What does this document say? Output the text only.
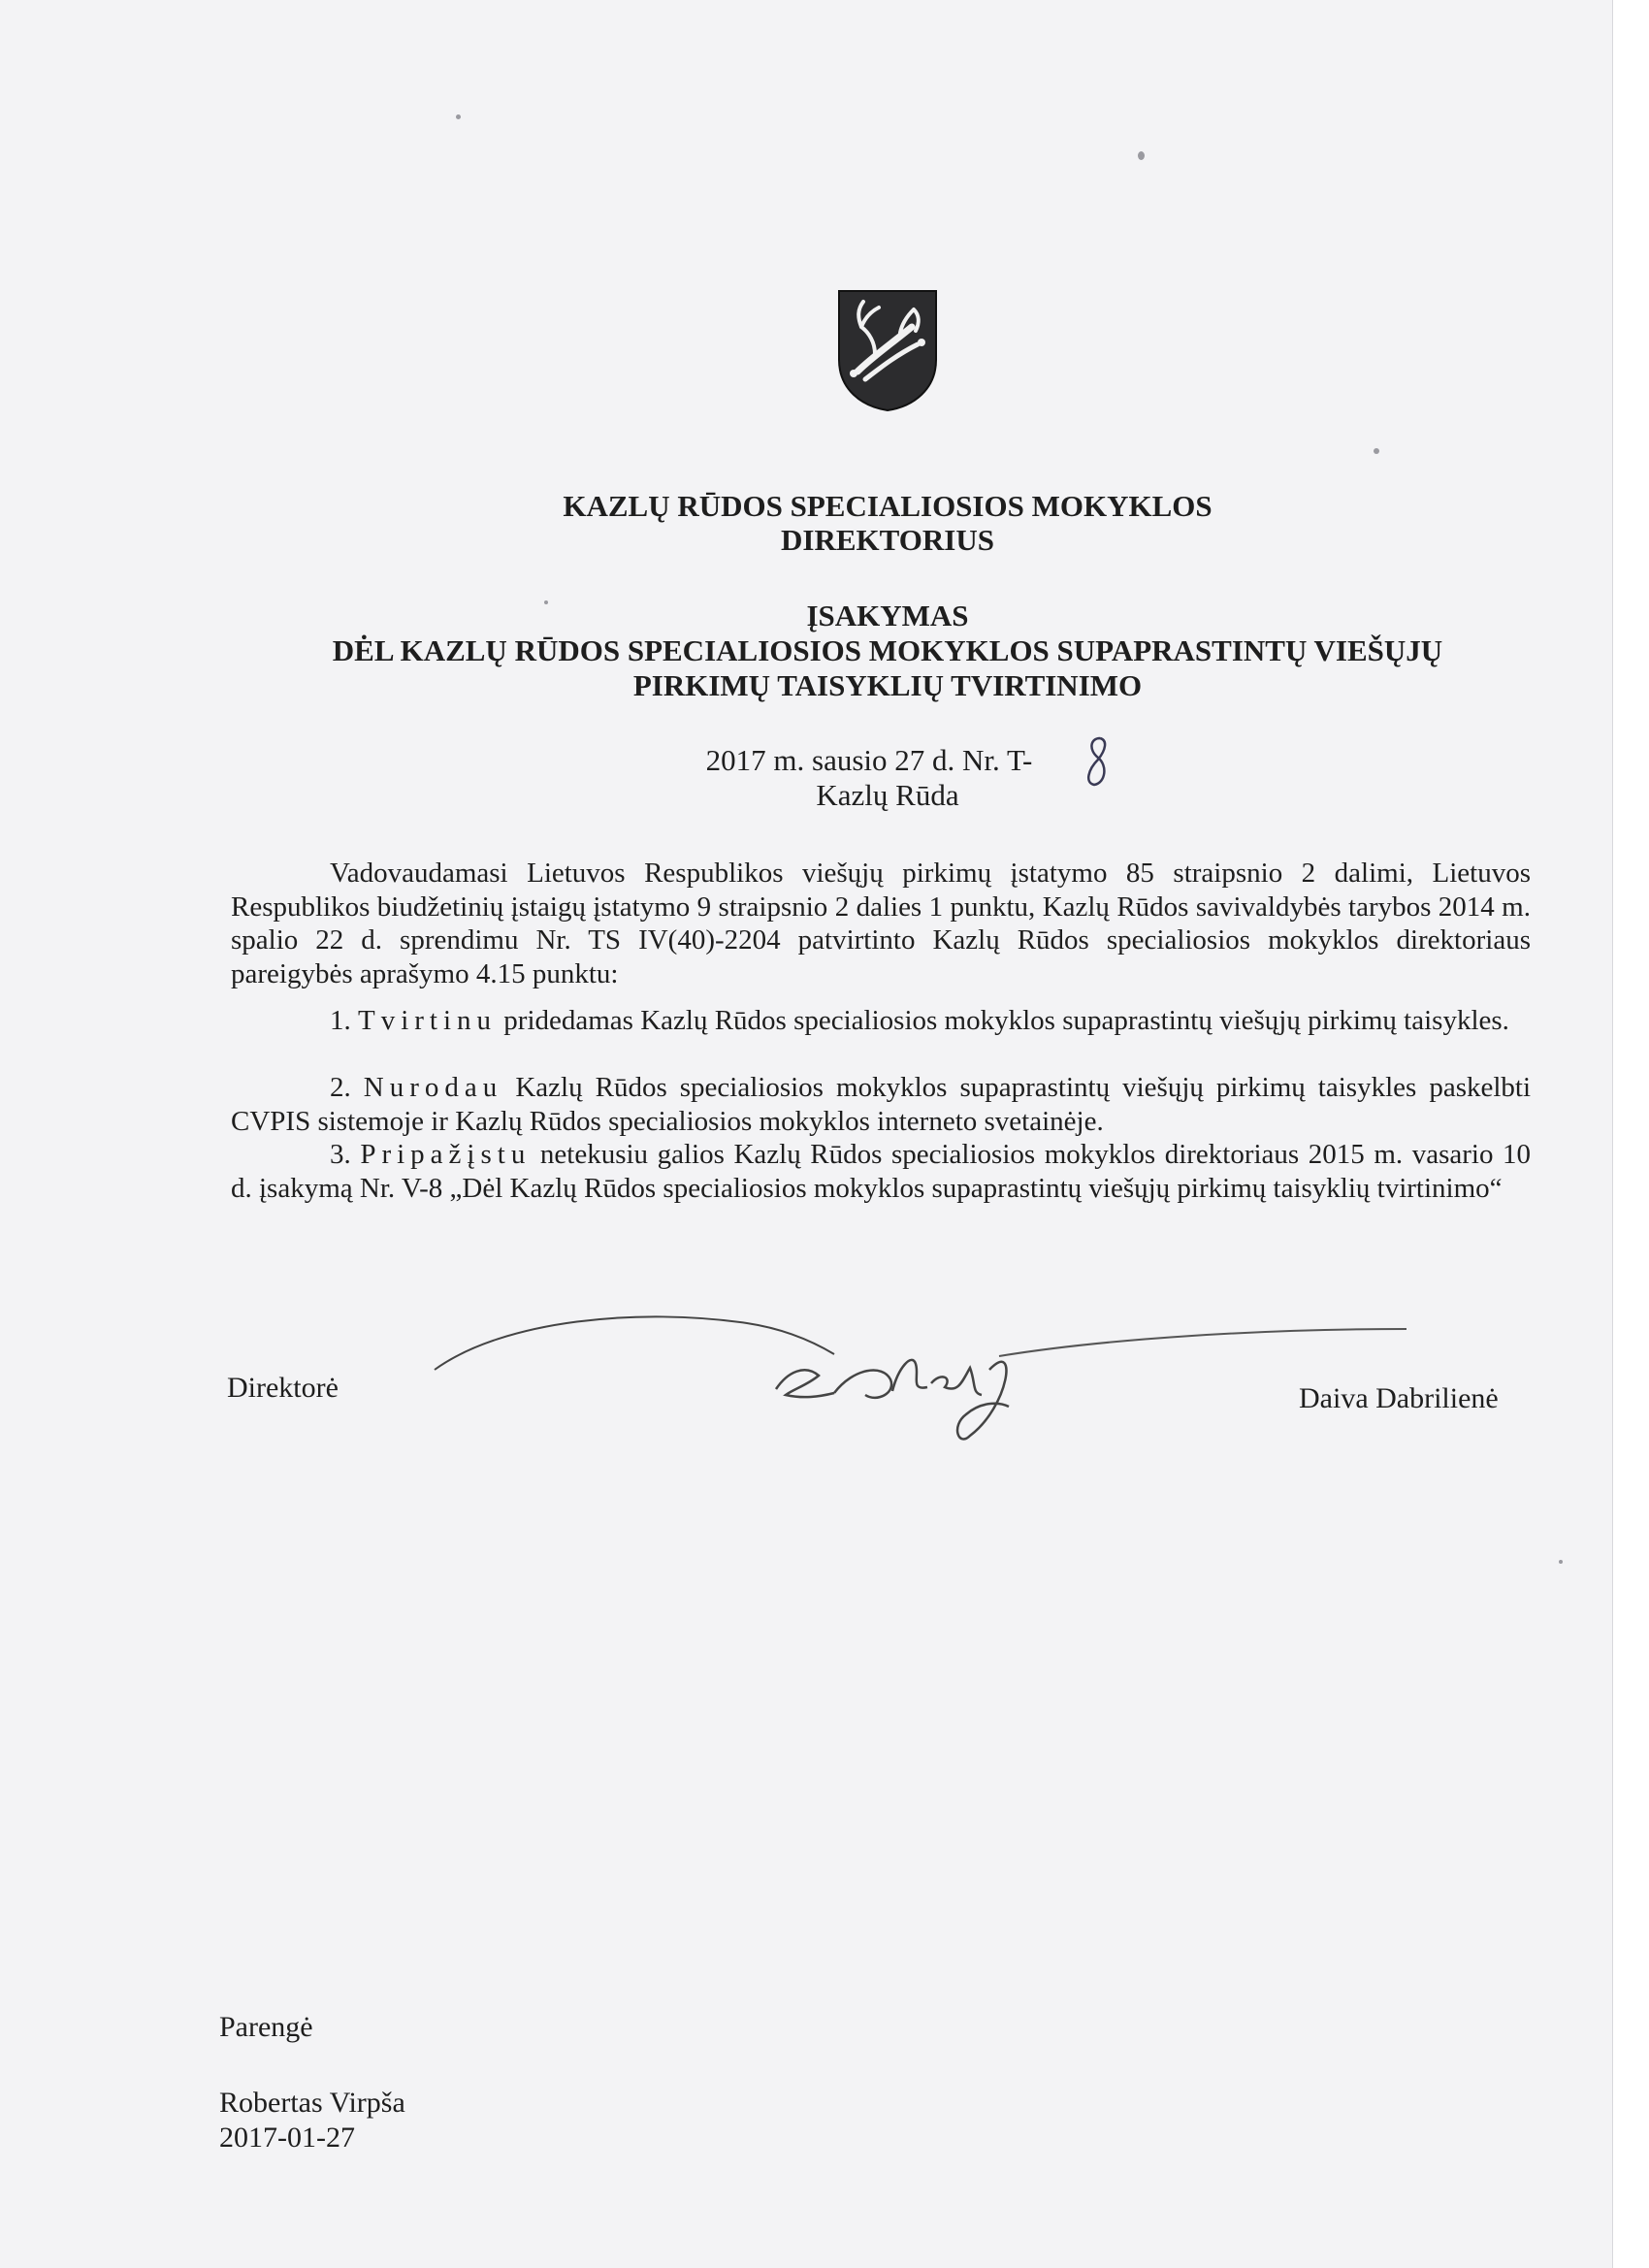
KAZLŲ RŪDOS SPECIALIOSIOS MOKYKLOS
DIREKTORIUS
ĮSAKYMAS
DĖL KAZLŲ RŪDOS SPECIALIOSIOS MOKYKLOS SUPAPRASTINTŲ VIEŠŲJŲ
PIRKIMŲ TAISYKLIŲ TVIRTINIMO
2017 m. sausio 27 d. Nr. T-
8
Kazlų Rūda
Vadovaudamasi Lietuvos Respublikos viešųjų pirkimų įstatymo 85 straipsnio 2 dalimi, Lietuvos Respublikos biudžetinių įstaigų įstatymo 9 straipsnio 2 dalies 1 punktu, Kazlų Rūdos savivaldybės tarybos 2014 m. spalio 22 d. sprendimu Nr. TS IV(40)-2204 patvirtinto Kazlų Rūdos specialiosios mokyklos direktoriaus pareigybės aprašymo 4.15 punktu:
1. Tvirtinu pridedamas Kazlų Rūdos specialiosios mokyklos supaprastintų viešųjų pirkimų taisykles.
2. Nurodau Kazlų Rūdos specialiosios mokyklos supaprastintų viešųjų pirkimų taisykles paskelbti CVPIS sistemoje ir Kazlų Rūdos specialiosios mokyklos interneto svetainėje.
3. Pripažįstu netekusiu galios Kazlų Rūdos specialiosios mokyklos direktoriaus 2015 m. vasario 10 d. įsakymą Nr. V-8 „Dėl Kazlų Rūdos specialiosios mokyklos supaprastintų viešųjų pirkimų taisyklių tvirtinimo“
Direktorė	Daiva Dabrilienė
Parengė
Robertas Virpša
2017-01-27
